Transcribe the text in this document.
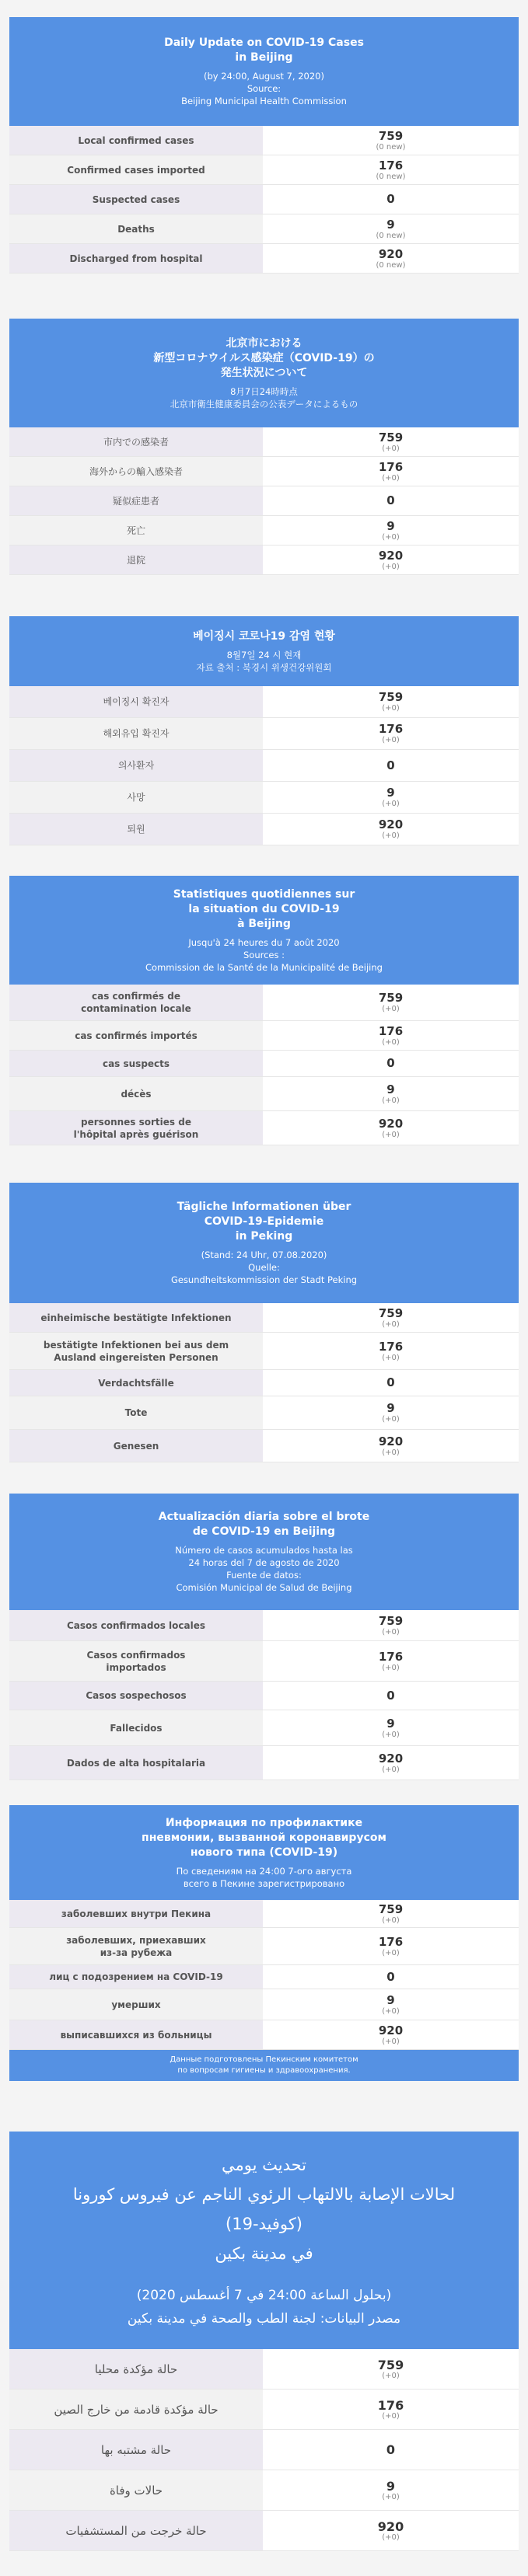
Daily Update on COVID-19 Cases
in Beijing
(by 24:00, August 7, 2020)
Source:
Beijing Municipal Health Commission
Local confirmed cases	759
(0 new)
Confirmed cases imported	176
(0 new)
Suspected cases	0
Deaths	9
(0 new)
Discharged from hospital	920
(0 new)
北京市における
新型コロナウイルス感染症（COVID-19）の
発生状況について
8月7日24時時点
北京市衛生健康委員会の公表データによるもの
市内での感染者	759
(+0)
海外からの輸入感染者	176
(+0)
疑似症患者	0
死亡	9
(+0)
退院	920
(+0)
베이징시 코로나19 감염 현황
8월7일 24 시 현재
자료 출처 : 북경시 위생건강위원회
베이징시 확진자	759
(+0)
해외유입 확진자	176
(+0)
의사환자	0
사망	9
(+0)
퇴원	920
(+0)
Statistiques quotidiennes sur
la situation du COVID-19
à Beijing
Jusqu'à 24 heures du 7 août 2020
Sources :
Commission de la Santé de la Municipalité de Beijing
cas confirmés de
contamination locale
759
(+0)
cas confirmés importés	176
(+0)
cas suspects	0
décès	9
(+0)
personnes sorties de
l'hôpital après guérison
920
(+0)
Tägliche Informationen über
COVID-19-Epidemie
in Peking
(Stand: 24 Uhr, 07.08.2020)
Quelle:
Gesundheitskommission der Stadt Peking
einheimische bestätigte Infektionen	759
(+0)
bestätigte Infektionen bei aus dem
Ausland eingereisten Personen
176
(+0)
Verdachtsfälle	0
Tote	9
(+0)
Genesen	920
(+0)
Actualización diaria sobre el brote
de COVID-19 en Beijing
Número de casos acumulados hasta las
24 horas del 7 de agosto de 2020
Fuente de datos:
Comisión Municipal de Salud de Beijing
Casos confirmados locales	759
(+0)
Casos confirmados
importados
176
(+0)
Casos sospechosos	0
Fallecidos	9
(+0)
Dados de alta hospitalaria	920
(+0)
Информация по профилактике
пневмонии, вызванной коронавирусом
нового типа (COVID-19)
По сведениям на 24:00 7-ого августа
всего в Пекине зарегистрировано
заболевших внутри Пекина	759
(+0)
заболевших, приехавших
из-за рубежа
176
(+0)
лиц с подозрением на COVID-19	0
умерших	9
(+0)
выписавшихся из больницы	920
(+0)
Данные подготовлены Пекинским комитетом
по вопросам гигиены и здравоохранения.
تحديث يومي
لحالات الإصابة بالالتهاب الرئوي الناجم عن فيروس كورونا (كوفيد-19)
في مدينة بكين
(بحلول الساعة 24:00 في 7 أغسطس 2020)
مصدر البيانات: لجنة الطب والصحة في مدينة بكين
حالة مؤكدة محليا	759
(+0)
حالة مؤكدة قادمة من خارج الصين	176
(+0)
حالة مشتبه بها	0
حالات وفاة	9
(+0)
حالة خرجت من المستشفيات	920
(+0)
